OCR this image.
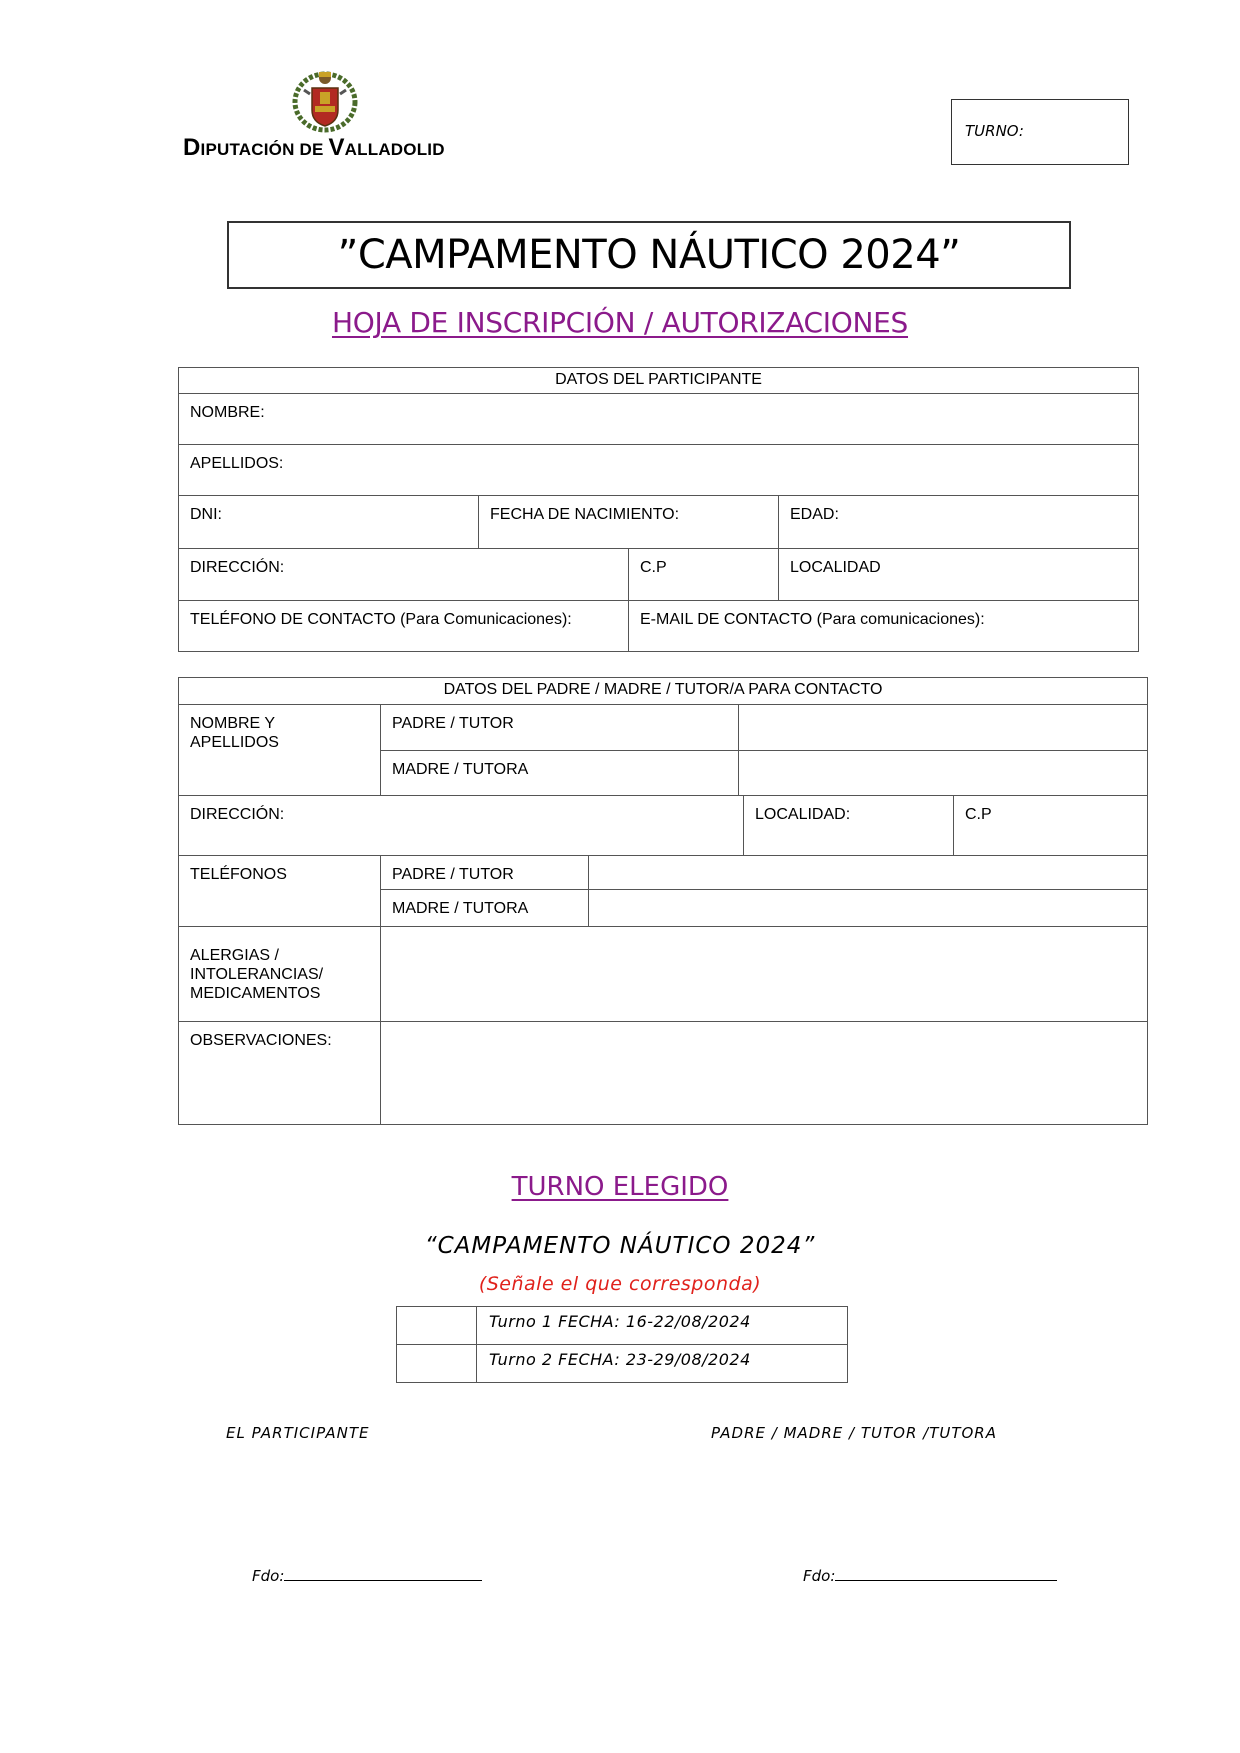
DIPUTACIÓN DE VALLADOLID
TURNO:
”CAMPAMENTO NÁUTICO 2024”
HOJA DE INSCRIPCIÓN / AUTORIZACIONES
DATOS DEL PARTICIPANTE			
NOMBRE:			
APELLIDOS:			
DNI:	FECHA DE NACIMIENTO:		EDAD:
DIRECCIÓN:		C.P	LOCALIDAD
TELÉFONO DE CONTACTO (Para Comunicaciones):		E-MAIL DE CONTACTO (Para comunicaciones):	
DATOS DEL PADRE / MADRE / TUTOR/A PARA CONTACTO					
NOMBRE Y APELLIDOS	PADRE / TUTOR				
	MADRE / TUTORA				
DIRECCIÓN:				LOCALIDAD:	C.P
TELÉFONOS	PADRE / TUTOR				
	MADRE / TUTORA				
ALERGIAS / INTOLERANCIAS/ MEDICAMENTOS					
OBSERVACIONES:					
TURNO ELEGIDO
“CAMPAMENTO NÁUTICO 2024”
(Señale el que corresponda)
	Turno 1 FECHA: 16-22/08/2024
	Turno 2 FECHA: 23-29/08/2024
EL PARTICIPANTE	PADRE / MADRE / TUTOR /TUTORA
Fdo:	Fdo:
